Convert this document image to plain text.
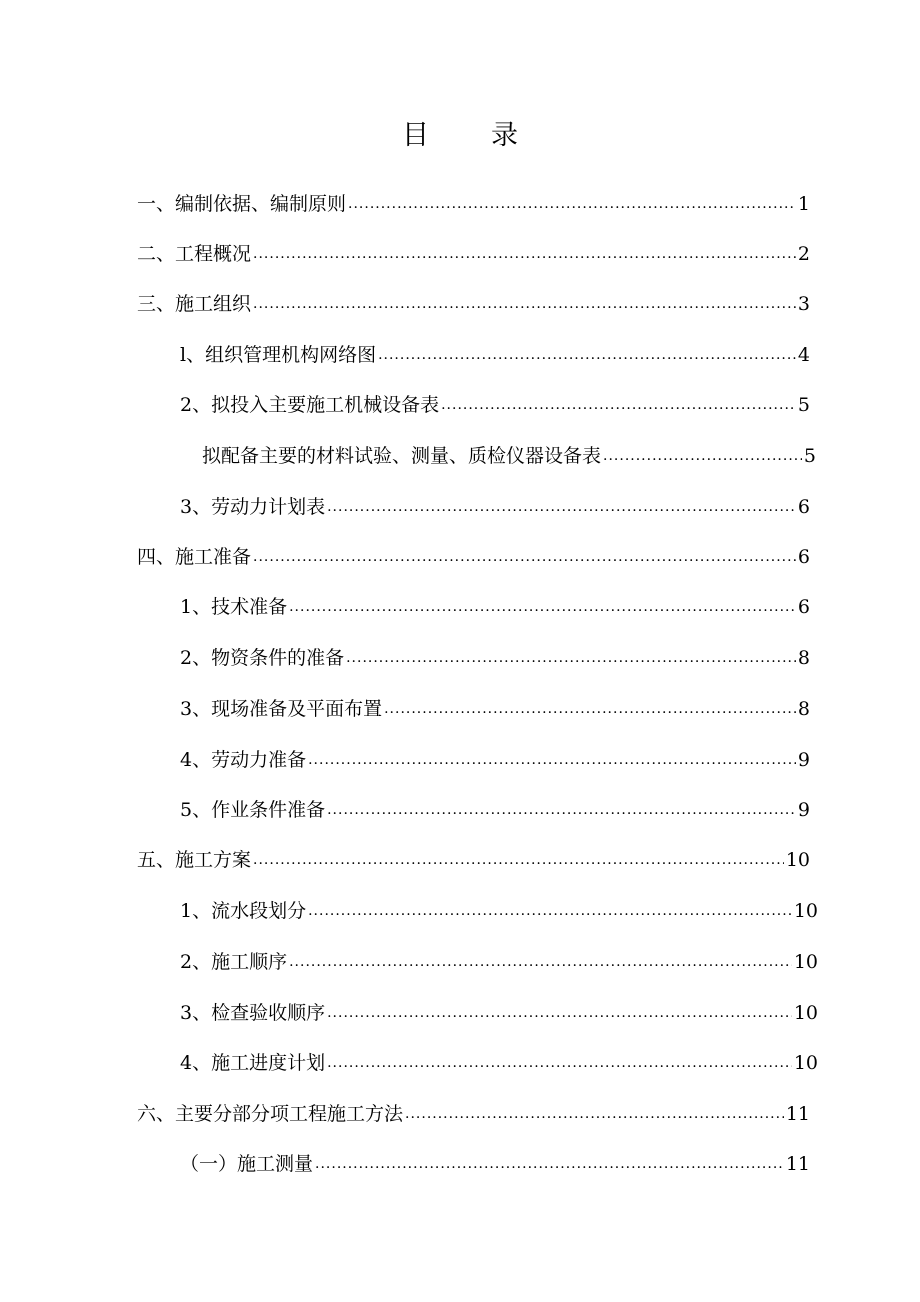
目 录
一、编制依据、编制原则 ·····	1
二、工程概况 ·····	2
三、施工组织 ·····	3
l、组织管理机构网络图 ·····	4
2、拟投入主要施工机械设备表 ·····	5
拟配备主要的材料试验、测量、质检仪器设备表 ·····	5
3、劳动力计划表 ·····	6
四、施工准备 ·····	6
1、技术准备 ·····	6
2、物资条件的准备 ·····	8
3、现场准备及平面布置 ·····	8
4、劳动力准备 ·····	9
5、作业条件准备 ·····	9
五、施工方案 ·····	10
1、流水段划分 ·····	10
2、施工顺序 ·····	10
3、检查验收顺序 ·····	10
4、施工进度计划 ·····	10
六、主要分部分项工程施工方法 ·····	11
（一）施工测量 ·····	11
